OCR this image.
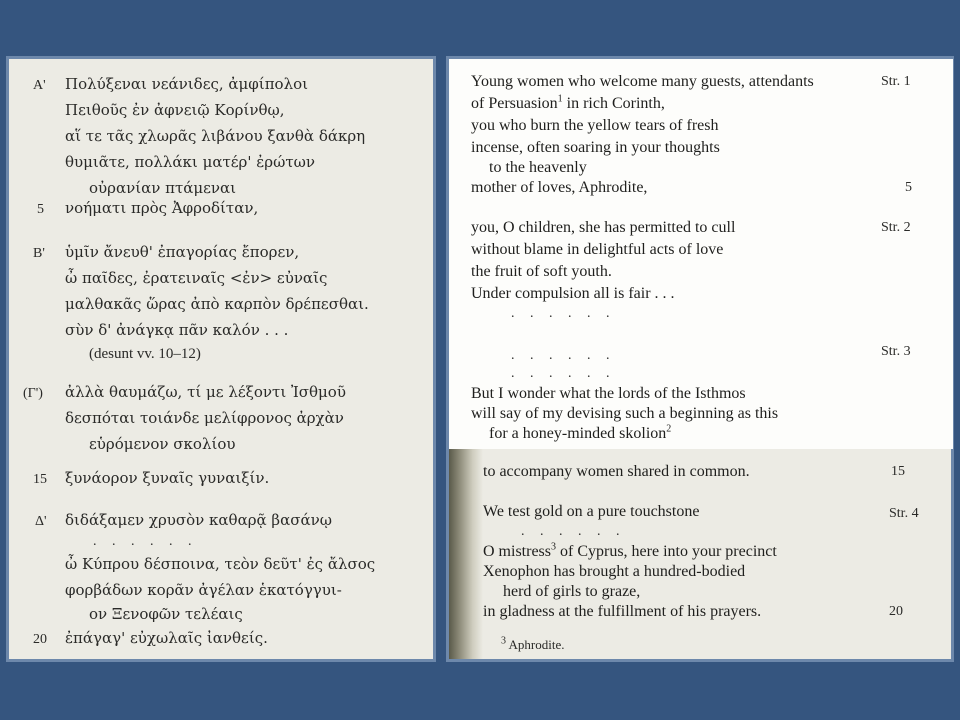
Α' Πολύξεναι νεάνιδες, ἀμφίπολοι
Πειθοῦς ἐν ἀφνειῷ Κορίνθῳ,
αἵ τε τᾶς χλωρᾶς λιβάνου ξανθὰ δάκρη
θυμιᾶτε, πολλάκι ματέρ' ἐρώτων
οὐρανίαν πτάμεναι
5 νοήματι πρὸς Ἀφροδίταν,
Β' ὑμῖν ἄνευθ' ἐπαγορίας ἔπορεν,
ὦ παῖδες, ἐρατειναῖς <ἐν> εὐναῖς
μαλθακᾶς ὥρας ἀπὸ καρπὸν δρέπεσθαι.
σὺν δ' ἀνάγκᾳ πᾶν καλόν . . .
(desunt vv. 10–12)
(Γ') ἀλλὰ θαυμάζω, τί με λέξοντι Ἰσθμοῦ
δεσπόται τοιάνδε μελίφρονος ἀρχὰν
εὑρόμενον σκολίου
15 ξυνάορον ξυναῖς γυναιξίν.
Δ' διδάξαμεν χρυσὸν καθαρᾷ βασάνῳ
. . . . . .
ὦ Κύπρου δέσποινα, τεὸν δεῦτ' ἐς ἄλσος
φορβάδων κορᾶν ἀγέλαν ἑκατόγγυι-
ον Ξενοφῶν τελέαις
20 ἐπάγαγ' εὐχωλαῖς ἰανθείς.
Young women who welcome many guests, attendants	Str. 1
of Persuasion$^1$ in rich Corinth,
you who burn the yellow tears of fresh
incense, often soaring in your thoughts
to the heavenly
mother of loves, Aphrodite,	5
you, O children, she has permitted to cull	Str. 2
without blame in delightful acts of love
the fruit of soft youth.
Under compulsion all is fair . . .
. . . . . .
. . . . . .	Str. 3
. . . . . .
But I wonder what the lords of the Isthmos
will say of my devising such a beginning as this
for a honey-minded skolion$^2$
to accompany women shared in common.	15
We test gold on a pure touchstone	Str. 4
. . . . . .
O mistress$^3$ of Cyprus, here into your precinct
Xenophon has brought a hundred-bodied
herd of girls to graze,
in gladness at the fulfillment of his prayers.	20
$^3$ Aphrodite.
